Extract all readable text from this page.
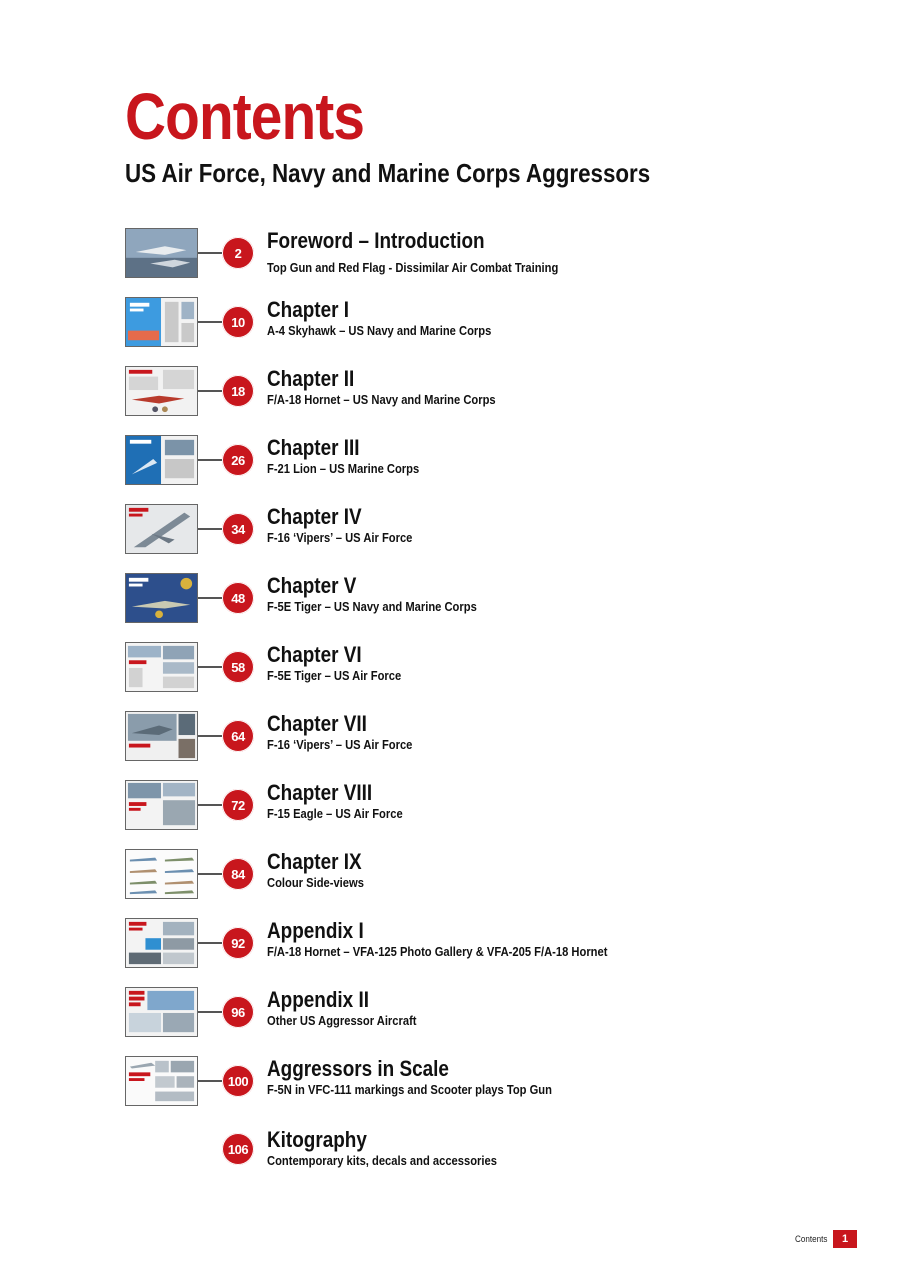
Contents
US Air Force, Navy and Marine Corps Aggressors
2	Foreword – Introduction

Top Gun and Red Flag - Dissimilar Air Combat Training

10	Chapter I

A-4 Skyhawk – US Navy and Marine Corps

18	Chapter II

F/A-18 Hornet – US Navy and Marine Corps

26	Chapter III

F-21 Lion – US Marine Corps

34	Chapter IV

F-16 ‘Vipers’ – US Air Force

48	Chapter V

F-5E Tiger – US Navy and Marine Corps

58	Chapter VI

F-5E Tiger – US Air Force

64	Chapter VII

F-16 ‘Vipers’ – US Air Force

72	Chapter VIII

F-15 Eagle – US Air Force

84	Chapter IX

Colour Side-views

92	Appendix I

F/A-18 Hornet – VFA-125 Photo Gallery & VFA-205 F/A-18 Hornet

96	Appendix II

Other US Aggressor Aircraft

100 Aggressors in Scale

F-5N in VFC-111 markings and Scooter plays Top Gun

106 Kitography

Contemporary kits, decals and accessories

Contents	1
